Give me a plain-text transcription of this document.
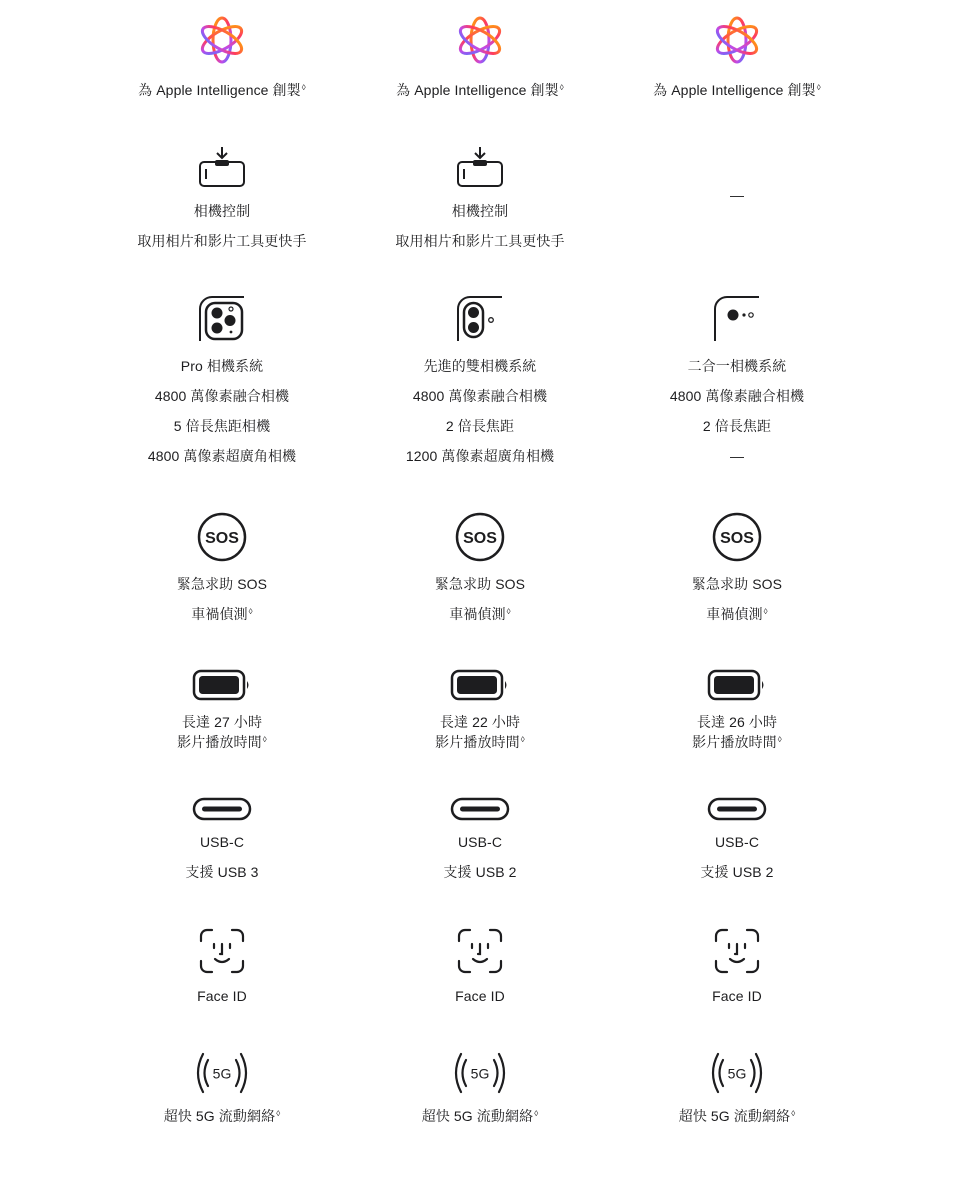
為 Apple Intelligence 創製◊
相機控制
取用相片和影片工具更快手
Pro 相機系統
4800 萬像素融合相機
5 倍長焦距相機
4800 萬像素超廣角相機
SOS
緊急求助 SOS
車禍偵測◊
長達 27 小時
影片播放時間◊
USB‑C
支援 USB 3
Face ID
5G
超快 5G 流動網絡◊
為 Apple Intelligence 創製◊
相機控制
取用相片和影片工具更快手
先進的雙相機系統
4800 萬像素融合相機
2 倍長焦距
1200 萬像素超廣角相機
SOS
緊急求助 SOS
車禍偵測◊
長達 22 小時
影片播放時間◊
USB‑C
支援 USB 2
Face ID
5G
超快 5G 流動網絡◊
為 Apple Intelligence 創製◊
—
二合一相機系統
4800 萬像素融合相機
2 倍長焦距
—
SOS
緊急求助 SOS
車禍偵測◊
長達 26 小時
影片播放時間◊
USB‑C
支援 USB 2
Face ID
5G
超快 5G 流動網絡◊
